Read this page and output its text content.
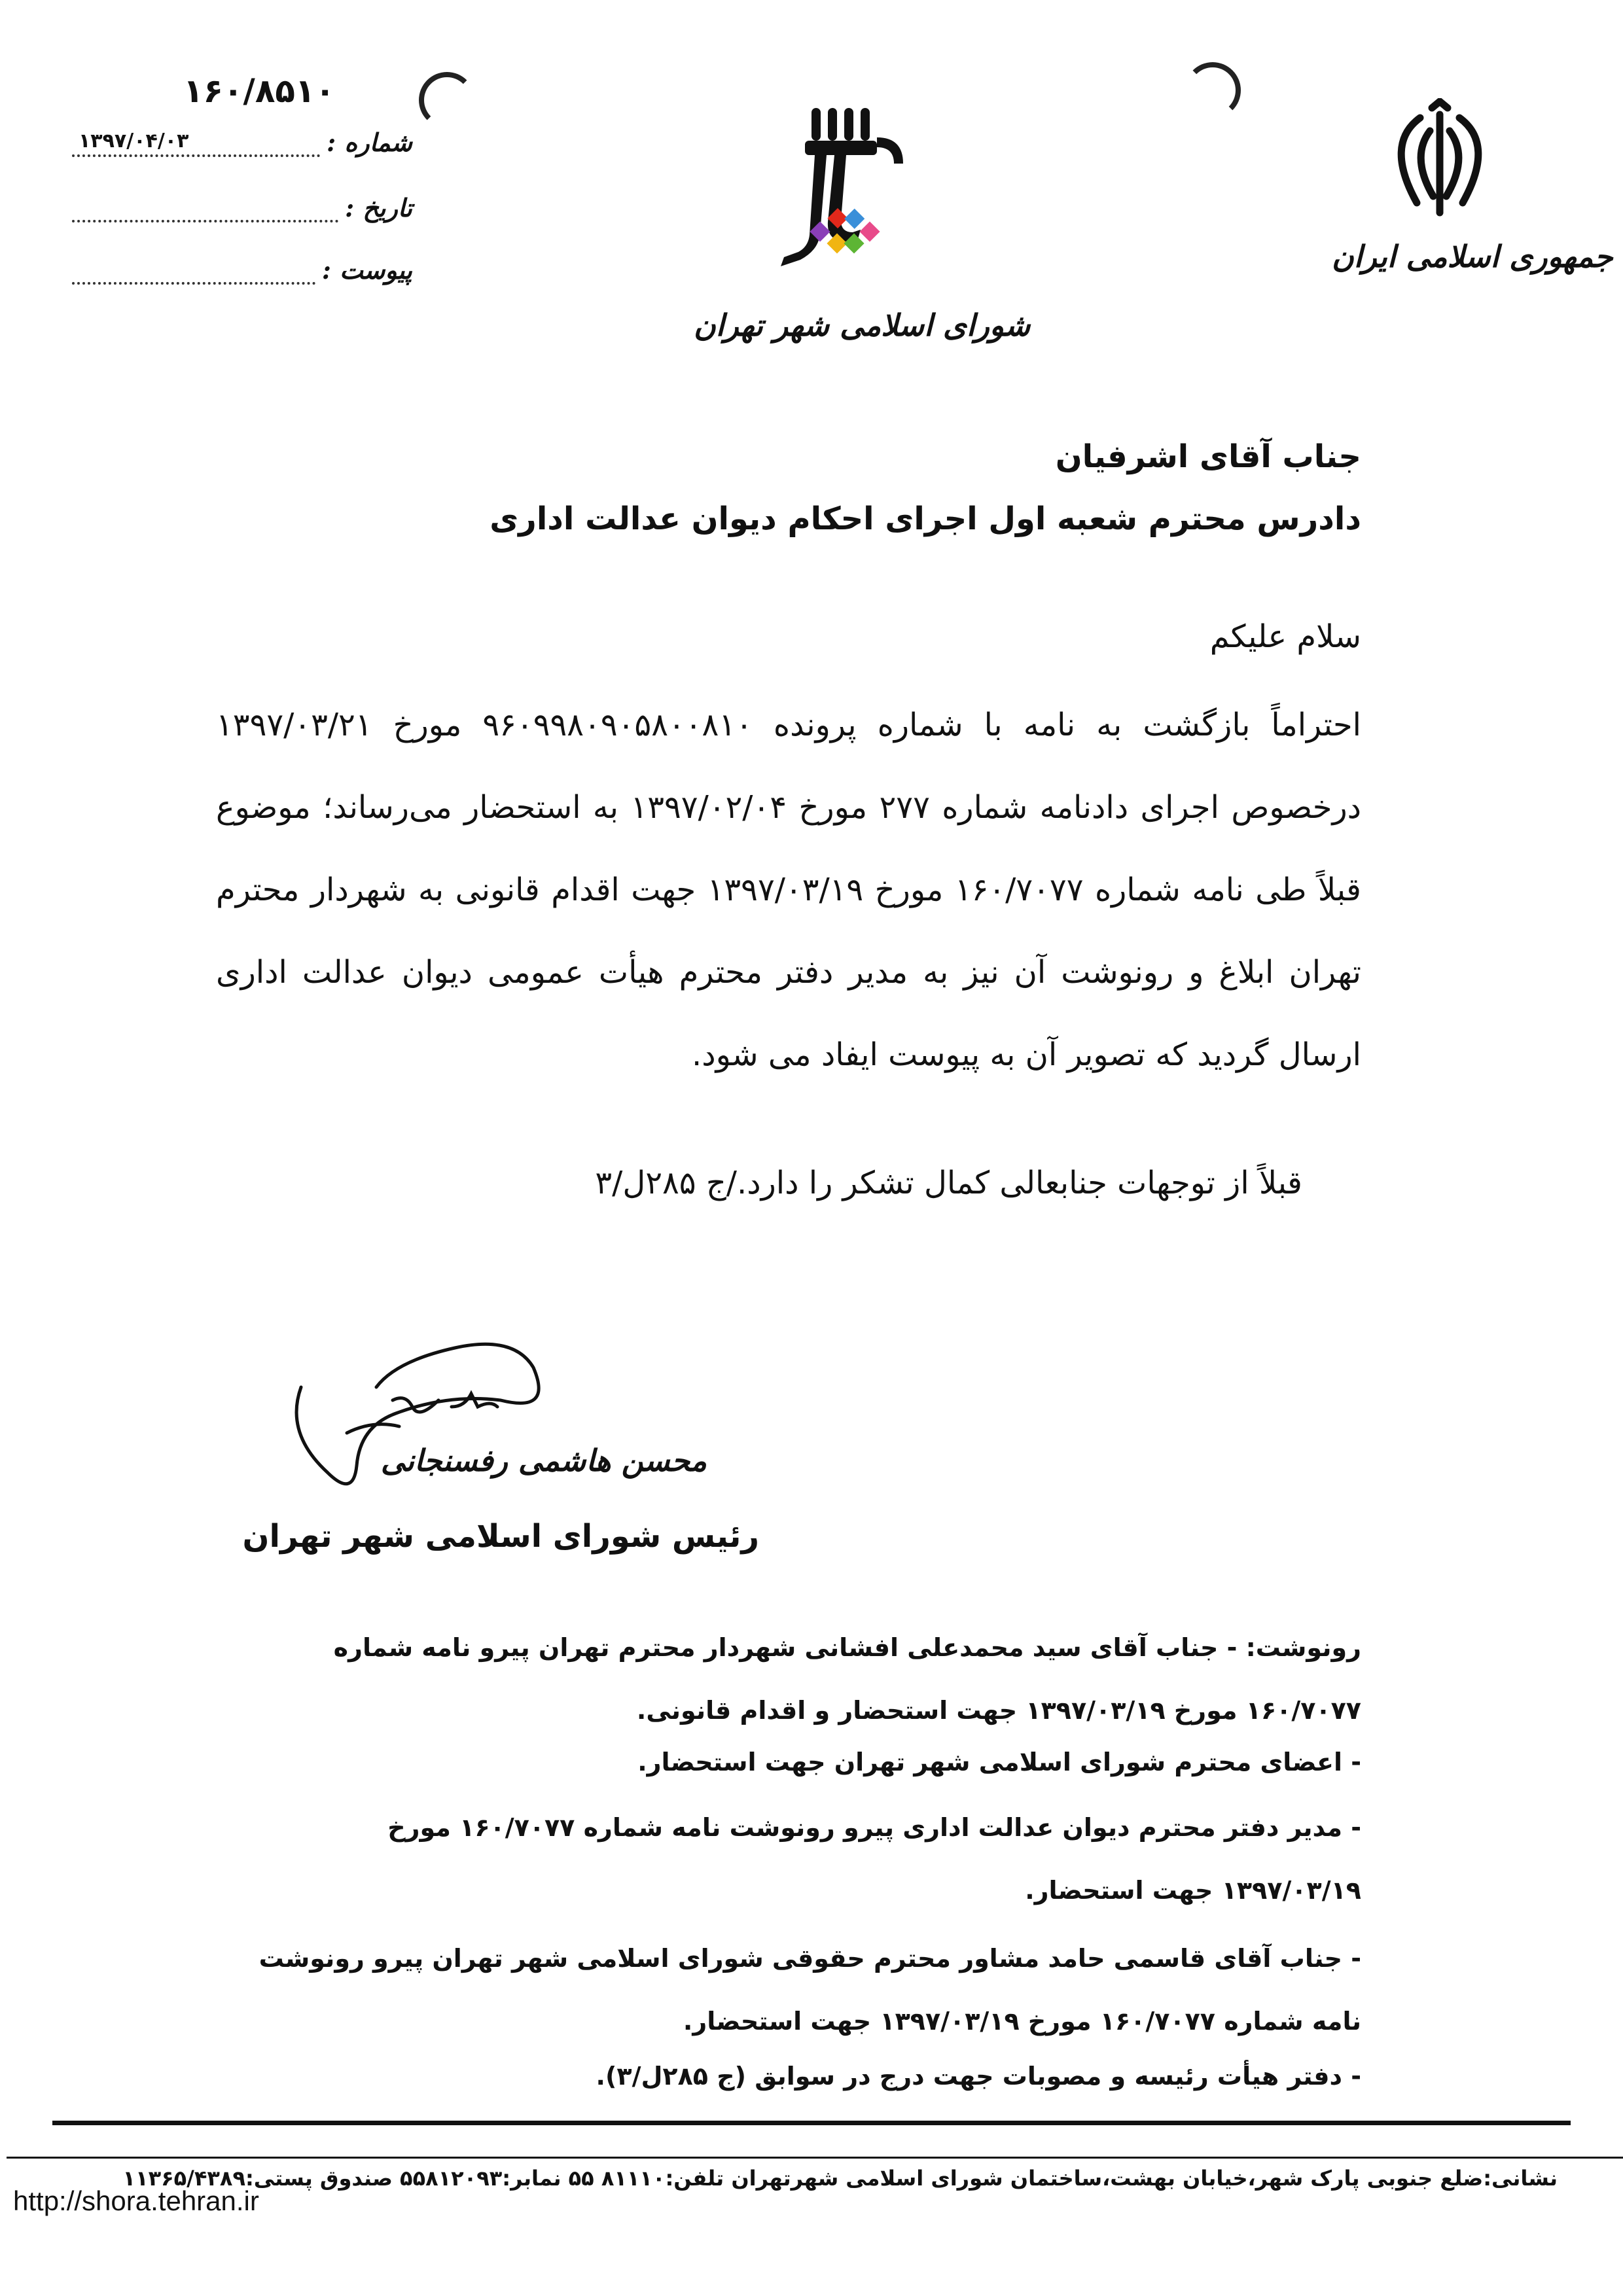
۱۶۰/۸۵۱۰
شماره :
۱۳۹۷/۰۴/۰۳
تاریخ :
پیوست :
شورای اسلامی شهر تهران
جمهوری اسلامی ایران
جناب آقای اشرفیان
دادرس محترم شعبه اول اجرای احکام دیوان عدالت اداری
سلام علیکم
احتراماً بازگشت به نامه با شماره پرونده ۹۶۰۹۹۸۰۹۰۵۸۰۰۸۱۰ مورخ ۱۳۹۷/۰۳/۲۱ درخصوص اجرای دادنامه شماره ۲۷۷ مورخ ۱۳۹۷/۰۲/۰۴ به استحضار می‌رساند؛ موضوع قبلاً طی نامه شماره ۱۶۰/۷۰۷۷ مورخ ۱۳۹۷/۰۳/۱۹ جهت اقدام قانونی به شهردار محترم تهران ابلاغ و رونوشت آن نیز به مدیر دفتر محترم هیأت عمومی دیوان عدالت اداری ارسال گردید که تصویر آن به پیوست ایفاد می شود.
قبلاً از توجهات جنابعالی کمال تشکر را دارد./ج ۲۸۵ل/۳
محسن هاشمی رفسنجانی
رئیس شورای اسلامی شهر تهران
رونوشت: - جناب آقای سید محمدعلی افشانی شهردار محترم تهران پیرو نامه شماره ۱۶۰/۷۰۷۷ مورخ ۱۳۹۷/۰۳/۱۹ جهت استحضار و اقدام قانونی.
- اعضای محترم شورای اسلامی شهر تهران جهت استحضار.
- مدیر دفتر محترم دیوان عدالت اداری پیرو رونوشت نامه شماره ۱۶۰/۷۰۷۷ مورخ ۱۳۹۷/۰۳/۱۹ جهت استحضار.
- جناب آقای قاسمی حامد مشاور محترم حقوقی شورای اسلامی شهر تهران پیرو رونوشت نامه شماره ۱۶۰/۷۰۷۷ مورخ ۱۳۹۷/۰۳/۱۹ جهت استحضار.
- دفتر هیأت رئیسه و مصوبات جهت درج در سوابق (ج ۲۸۵ل/۳).
نشانی:ضلع جنوبی پارک شهر،خیابان بهشت،ساختمان شورای اسلامی شهرتهران تلفن:۸۱۱۱۰ ۵۵ نمابر:۵۵۸۱۲۰۹۳ صندوق پستی:۱۱۳۶۵/۴۳۸۹
http://shora.tehran.ir
